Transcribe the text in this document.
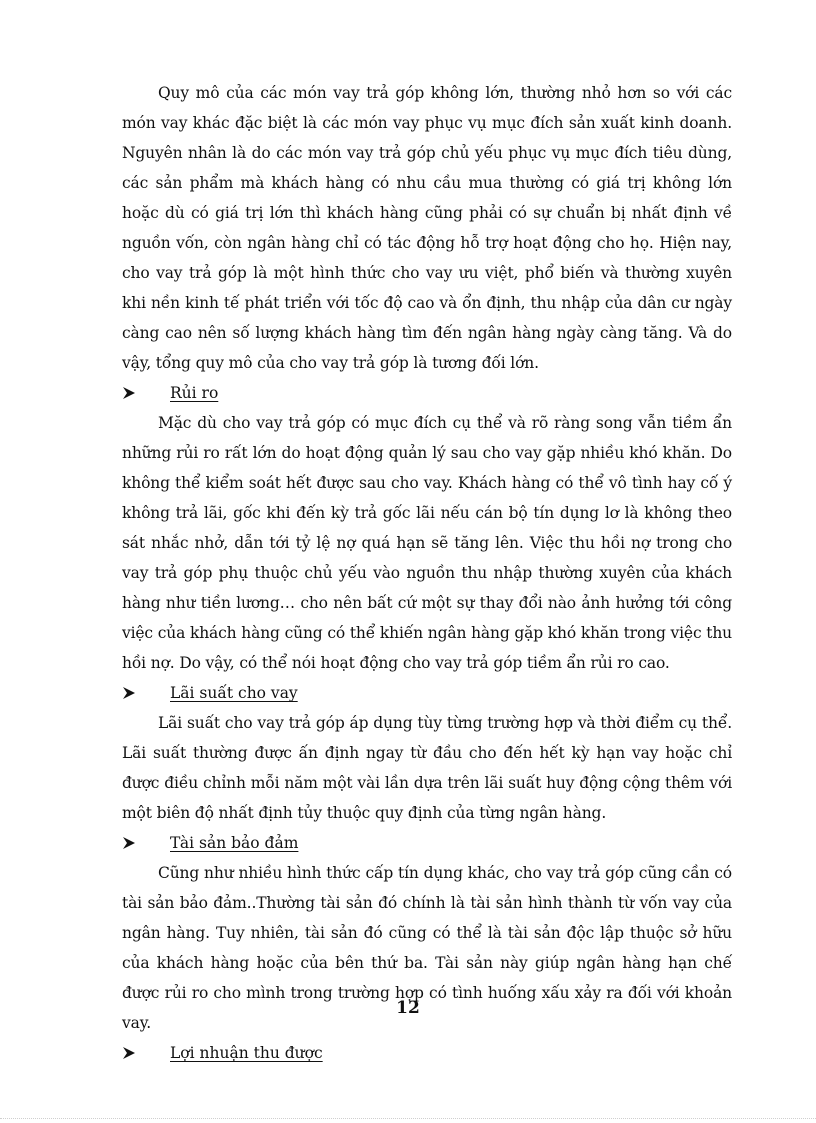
Quy mô của các món vay trả góp không lớn, thường nhỏ hơn so với các món vay khác đặc biệt là các món vay phục vụ mục đích sản xuất kinh doanh. Nguyên nhân là do các món vay trả góp chủ yếu phục vụ mục đích tiêu dùng, các sản phẩm mà khách hàng có nhu cầu mua thường có giá trị không lớn hoặc dù có giá trị lớn thì khách hàng cũng phải có sự chuẩn bị nhất định về nguồn vốn, còn ngân hàng chỉ có tác động hỗ trợ hoạt động cho họ. Hiện nay, cho vay trả góp là một hình thức cho vay ưu việt, phổ biến và thường xuyên khi nền kinh tế phát triển với tốc độ cao và ổn định, thu nhập của dân cư ngày càng cao nên số lượng khách hàng tìm đến ngân hàng ngày càng tăng. Và do vậy, tổng quy mô của cho vay trả góp là tương đối lớn.

Rủi ro

Mặc dù cho vay trả góp có mục đích cụ thể và rõ ràng song vẫn tiềm ẩn những rủi ro rất lớn do hoạt động quản lý sau cho vay gặp nhiều khó khăn. Do không thể kiểm soát hết được sau cho vay. Khách hàng có thể vô tình hay cố ý không trả lãi, gốc khi đến kỳ trả gốc lãi nếu cán bộ tín dụng lơ là không theo sát nhắc nhở, dẫn tới tỷ lệ nợ quá hạn sẽ tăng lên. Việc thu hồi nợ trong cho vay trả góp phụ thuộc chủ yếu vào nguồn thu nhập thường xuyên của khách hàng như tiền lương… cho nên bất cứ một sự thay đổi nào ảnh hưởng tới công việc của khách hàng cũng có thể khiến ngân hàng gặp khó khăn trong việc thu hồi nợ. Do vậy, có thể nói hoạt động cho vay trả góp tiềm ẩn rủi ro cao.

Lãi suất cho vay

Lãi suất cho vay trả góp áp dụng tùy từng trường hợp và thời điểm cụ thể. Lãi suất thường được ấn định ngay từ đầu cho đến hết kỳ hạn vay hoặc chỉ được điều chỉnh mỗi năm một vài lần dựa trên lãi suất huy động cộng thêm với một biên độ nhất định tủy thuộc quy định của từng ngân hàng.

Tài sản bảo đảm

Cũng như nhiều hình thức cấp tín dụng khác, cho vay trả góp cũng cần có tài sản bảo đảm..Thường tài sản đó chính là tài sản hình thành từ vốn vay của ngân hàng. Tuy nhiên, tài sản đó cũng có thể là tài sản độc lập thuộc sở hữu của khách hàng hoặc của bên thứ ba. Tài sản này giúp ngân hàng hạn chế được rủi ro cho mình trong trường hợp có tình huống xấu xảy ra đối với khoản vay.

Lợi nhuận thu được
12
